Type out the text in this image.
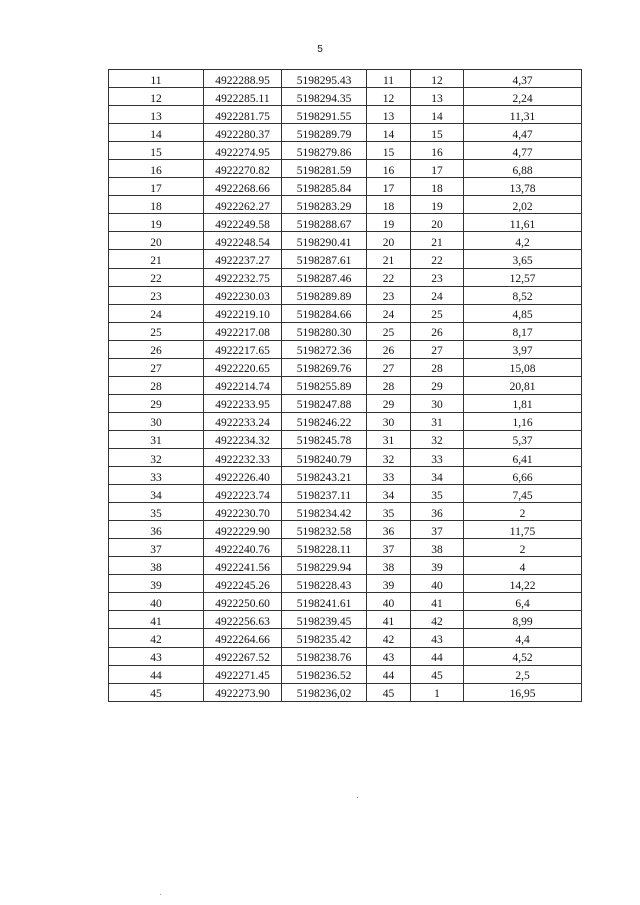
5
11	4922288.95	5198295.43	11	12	4,37
12	4922285.11	5198294.35	12	13	2,24
13	4922281.75	5198291.55	13	14	11,31
14	4922280.37	5198289.79	14	15	4,47
15	4922274.95	5198279.86	15	16	4,77
16	4922270.82	5198281.59	16	17	6,88
17	4922268.66	5198285.84	17	18	13,78
18	4922262.27	5198283.29	18	19	2,02
19	4922249.58	5198288.67	19	20	11,61
20	4922248.54	5198290.41	20	21	4,2
21	4922237.27	5198287.61	21	22	3,65
22	4922232.75	5198287.46	22	23	12,57
23	4922230.03	5198289.89	23	24	8,52
24	4922219.10	5198284.66	24	25	4,85
25	4922217.08	5198280.30	25	26	8,17
26	4922217.65	5198272.36	26	27	3,97
27	4922220.65	5198269.76	27	28	15,08
28	4922214.74	5198255.89	28	29	20,81
29	4922233.95	5198247.88	29	30	1,81
30	4922233.24	5198246.22	30	31	1,16
31	4922234.32	5198245.78	31	32	5,37
32	4922232.33	5198240.79	32	33	6,41
33	4922226.40	5198243.21	33	34	6,66
34	4922223.74	5198237.11	34	35	7,45
35	4922230.70	5198234.42	35	36	2
36	4922229.90	5198232.58	36	37	11,75
37	4922240.76	5198228.11	37	38	2
38	4922241.56	5198229.94	38	39	4
39	4922245.26	5198228.43	39	40	14,22
40	4922250.60	5198241.61	40	41	6,4
41	4922256.63	5198239.45	41	42	8,99
42	4922264.66	5198235.42	42	43	4,4
43	4922267.52	5198238.76	43	44	4,52
44	4922271.45	5198236.52	44	45	2,5
45	4922273.90	5198236,02	45	1	16,95
